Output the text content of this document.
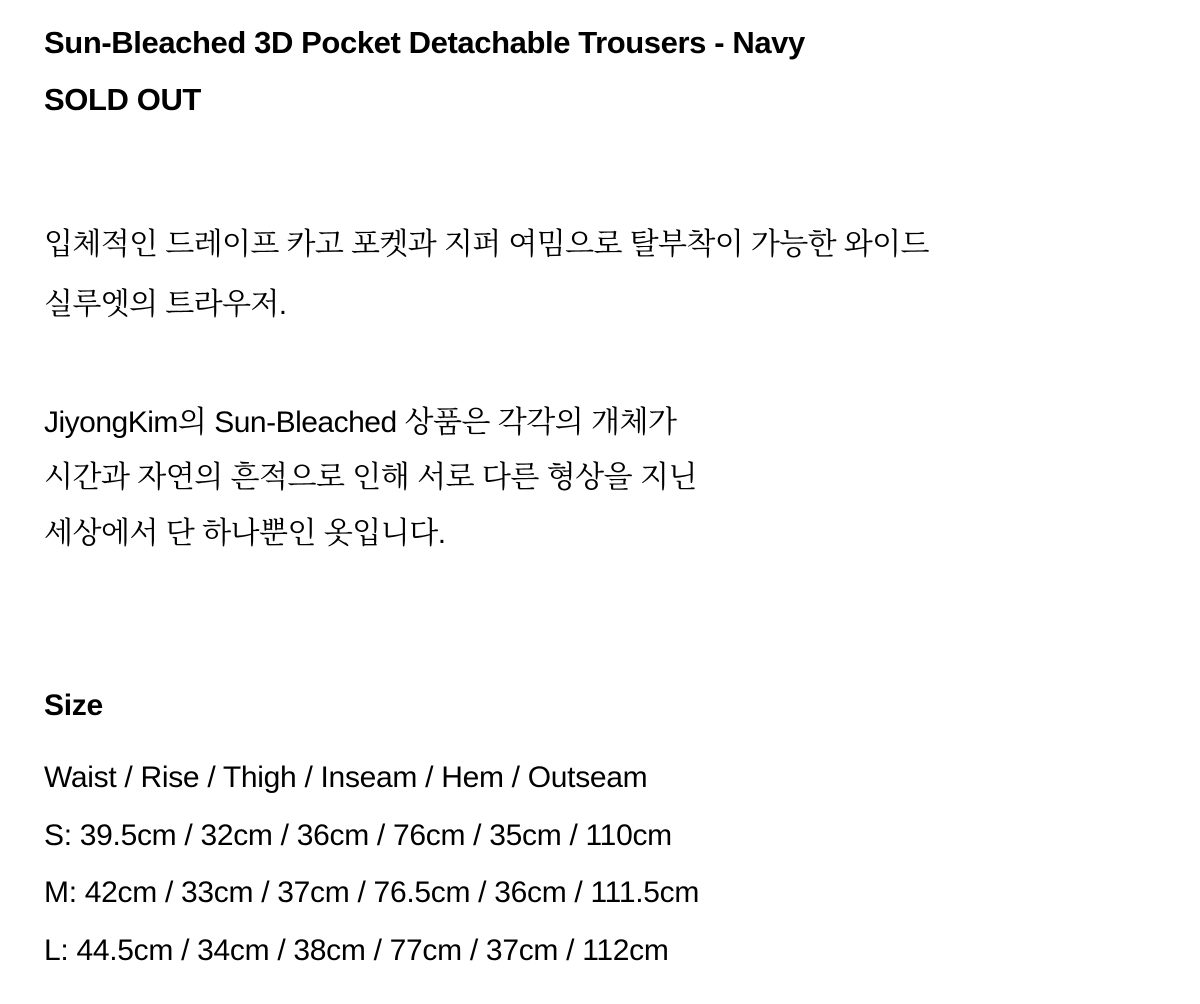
Sun-Bleached 3D Pocket Detachable Trousers - Navy
SOLD OUT
입체적인 드레이프 카고 포켓과 지퍼 여밈으로 탈부착이 가능한 와이드
실루엣의 트라우저.
JiyongKim의 Sun-Bleached 상품은 각각의 개체가
시간과 자연의 흔적으로 인해 서로 다른 형상을 지닌
세상에서 단 하나뿐인 옷입니다.
Size
Waist / Rise / Thigh / Inseam / Hem / Outseam
S: 39.5cm / 32cm / 36cm / 76cm / 35cm / 110cm
M: 42cm / 33cm / 37cm / 76.5cm / 36cm / 111.5cm
L: 44.5cm / 34cm / 38cm / 77cm / 37cm / 112cm
